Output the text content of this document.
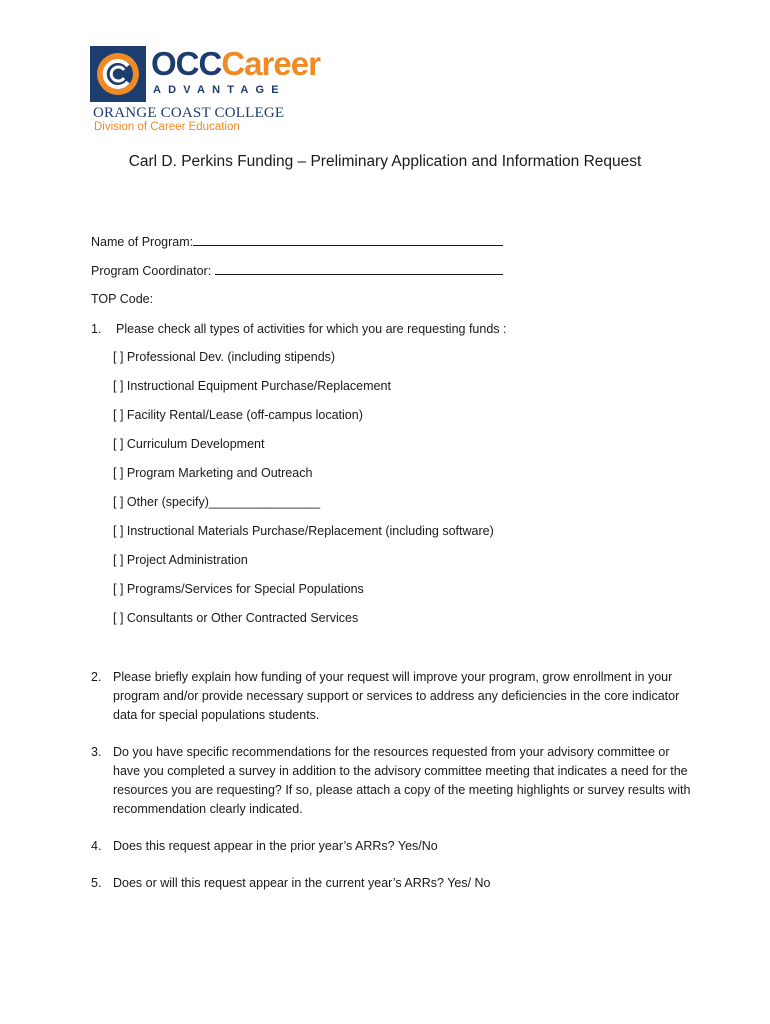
OCCCareer
ADVANTAGE
ORANGE COAST COLLEGE
Division of Career Education
Carl D. Perkins Funding – Preliminary Application and Information Request
Name of Program:
Program Coordinator:
TOP Code:
1. Please check all types of activities for which you are requesting funds :
[ ] Professional Dev. (including stipends)
[ ] Instructional Equipment Purchase/Replacement
[ ] Facility Rental/Lease (off-campus location)
[ ] Curriculum Development
[ ] Program Marketing and Outreach
[ ] Other (specify)________________
[ ] Instructional Materials Purchase/Replacement (including software)
[ ] Project Administration
[ ] Programs/Services for Special Populations
[ ] Consultants or Other Contracted Services
2. Please briefly explain how funding of your request will improve your program, grow enrollment in your program and/or provide necessary support or services to address any deficiencies in the core indicator data for special populations students.
3. Do you have specific recommendations for the resources requested from your advisory committee or have you completed a survey in addition to the advisory committee meeting that indicates a need for the resources you are requesting? If so, please attach a copy of the meeting highlights or survey results with recommendation clearly indicated.
4. Does this request appear in the prior year’s ARRs? Yes/No
5. Does or will this request appear in the current year’s ARRs? Yes/ No
